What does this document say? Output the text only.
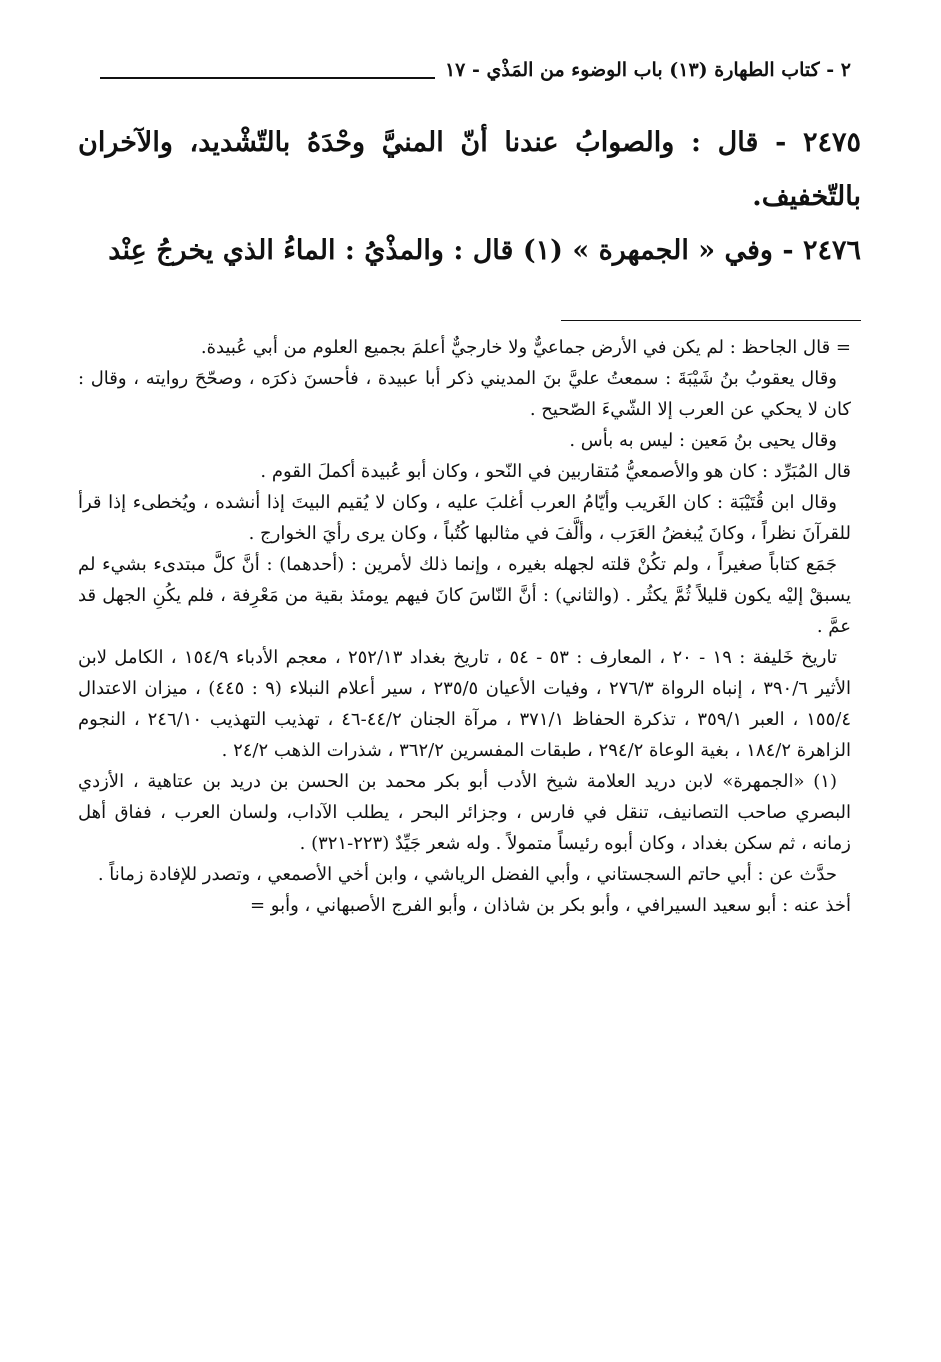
٢ - كتاب الطهارة (١٣) باب الوضوء من المَذْي - ١٧

٢٤٧٥ - قال : والصوابُ عندنا أنّ المنيَّ وحْدَهُ بالتّشْديد، والآخران بالتّخفيف.

٢٤٧٦ - وفي « الجمهرة » (١) قال : والمذْيُ : الماءُ الذي يخرجُ عِنْد

= قال الجاحظ : لم يكن في الأرض جماعيٌّ ولا خارجيٌّ أعلمَ بجميع العلوم من أبي عُبيدة.

وقال يعقوبُ بنُ شَيْبَةَ : سمعتُ عليَّ بنَ المديني ذكر أبا عبيدة ، فأحسنَ ذكرَه ، وصحّحَ روايته ، وقال : كان لا يحكي عن العرب إلا الشّيءَ الصّحيح .

وقال يحيى بنُ مَعين : ليس به بأس .

قال المُبَرِّد : كان هو والأصمعيُّ مُتقاربين في النّحو ، وكان أبو عُبيدة أكملَ القوم .

وقال ابن قُتَيْبَة : كان الغَريب وأيّامُ العرب أغلبَ عليه ، وكان لا يُقيم البيتَ إذا أنشده ، ويُخطىء إذا قرأ للقرآنَ نظراً ، وكانَ يُبغضُ العَرَب ، وألَّفَ في مثالبها كُتُباً ، وكان يرى رأيَ الخوارج .

جَمَع كتاباً صغيراً ، ولم تكُنْ قلته لجهله بغيره ، وإنما ذلك لأمرين : (أحدهما) : أنَّ كلَّ مبتدىء بشيء لم يسبقْ إليْه يكون قليلاً ثُمَّ يكثُر . (والثاني) : أنَّ النّاسَ كانَ فيهم يومئذ بقية من مَعْرِفة ، فلم يكُنِ الجهل قد عمَّ .

تاريخ خَليفة : ١٩ - ٢٠ ، المعارف : ٥٣ - ٥٤ ، تاريخ بغداد ٢٥٢/١٣ ، معجم الأدباء ١٥٤/٩ ، الكامل لابن الأثير ٣٩٠/٦ ، إنباه الرواة ٢٧٦/٣ ، وفيات الأعيان ٢٣٥/٥ ، سير أعلام النبلاء (٩ : ٤٤٥) ، ميزان الاعتدال ١٥٥/٤ ، العبر ٣٥٩/١ ، تذكرة الحفاظ ٣٧١/١ ، مرآة الجنان ٤٤/٢-٤٦ ، تهذيب التهذيب ٢٤٦/١٠ ، النجوم الزاهرة ١٨٤/٢ ، بغية الوعاة ٢٩٤/٢ ، طبقات المفسرين ٣٦٢/٢ ، شذرات الذهب ٢٤/٢ .

(١) «الجمهرة» لابن دريد العلامة شيخ الأدب أبو بكر محمد بن الحسن بن دريد بن عتاهية ، الأزدي البصري صاحب التصانيف، تنقل في فارس ، وجزائر البحر ، يطلب الآداب، ولسان العرب ، ففاق أهل زمانه ، ثم سكن بغداد ، وكان أبوه رئيساً متمولاً . وله شعر جَيِّدٌ (٢٢٣-٣٢١) .

حدَّث عن : أبي حاتم السجستاني ، وأبي الفضل الرياشي ، وابن أخي الأصمعي ، وتصدر للإفادة زماناً .

أخذ عنه : أبو سعيد السيرافي ، وأبو بكر بن شاذان ، وأبو الفرج الأصبهاني ، وأبو =
